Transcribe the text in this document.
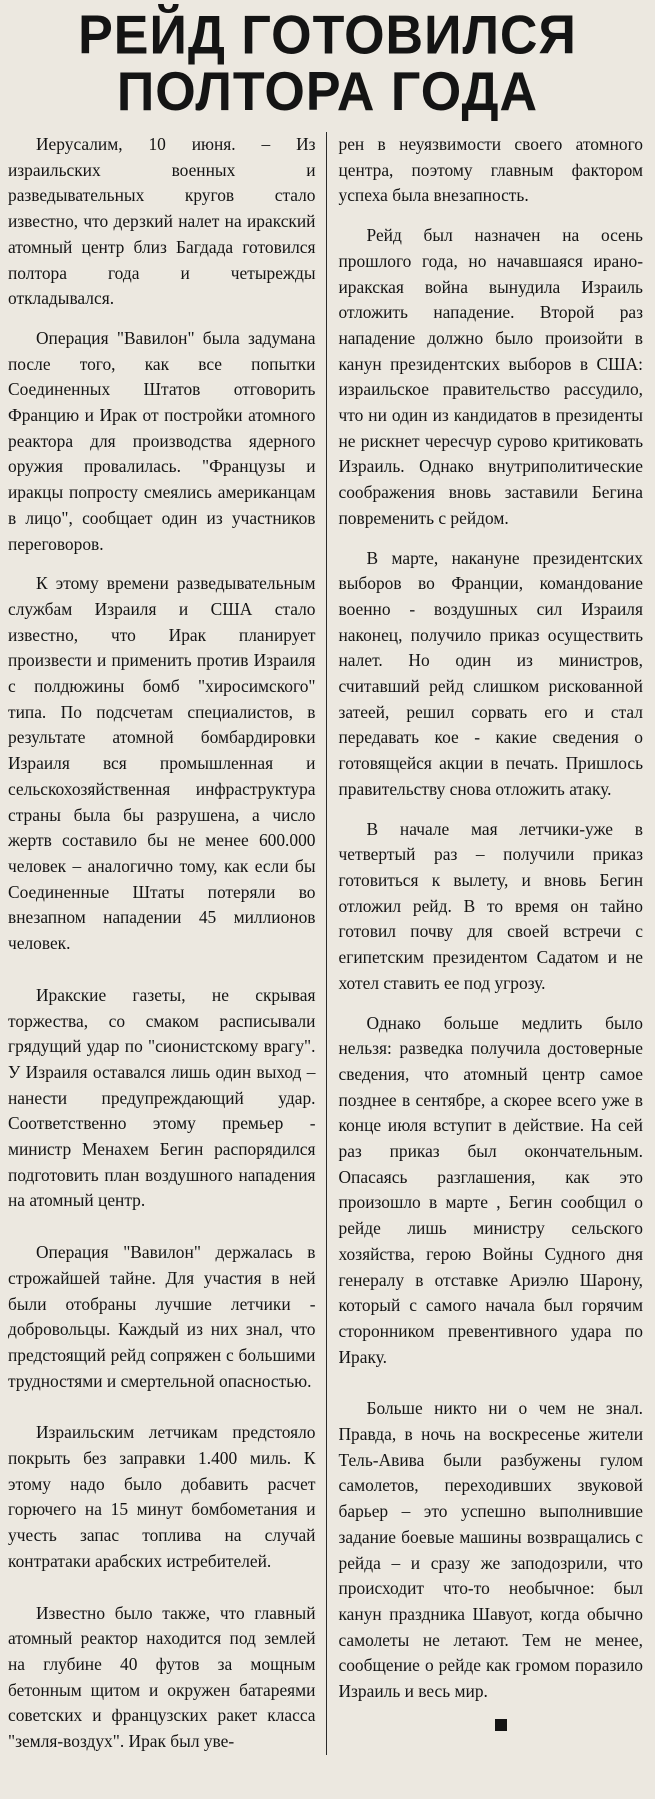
РЕЙД ГОТОВИЛСЯ
ПОЛТОРА ГОДА

Иерусалим, 10 июня. – Из израильских военных и разведывательных кругов стало известно, что дерзкий налет на иракский атомный центр близ Багдада готовился полтора года и четырежды откладывался.

Операция "Вавилон" была задумана после того, как все попытки Соединенных Штатов отговорить Францию и Ирак от постройки атомного реактора для производства ядерного оружия провалилась. "Французы и иракцы попросту смеялись американцам в лицо", сообщает один из участников переговоров.

К этому времени разведывательным службам Израиля и США стало известно, что Ирак планирует произвести и применить против Израиля с полдюжины бомб "хиросимского" типа. По подсчетам специалистов, в результате атомной бомбардировки Израиля вся промышленная и сельскохозяйственная инфраструктура страны была бы разрушена, а число жертв составило бы не менее 600.000 человек – аналогично тому, как если бы Соединенные Штаты потеряли во внезапном нападении 45 миллионов человек.

Иракские газеты, не скрывая торжества, со смаком расписывали грядущий удар по "сионистскому врагу". У Израиля оставался лишь один выход – нанести предупреждающий удар. Соответственно этому премьер - министр Менахем Бегин распорядился подготовить план воздушного нападения на атомный центр.

Операция "Вавилон" держалась в строжайшей тайне. Для участия в ней были отобраны лучшие летчики - добровольцы. Каждый из них знал, что предстоящий рейд сопряжен с большими трудностями и смертельной опасностью.

Израильским летчикам предстояло покрыть без заправки 1.400 миль. К этому надо было добавить расчет горючего на 15 минут бомбометания и учесть запас топлива на случай контратаки арабских истребителей.

Известно было также, что главный атомный реактор находится под землей на глубине 40 футов за мощным бетонным щитом и окружен батареями советских и французских ракет класса "земля-воздух". Ирак был уве-

рен в неуязвимости своего атомного центра, поэтому главным фактором успеха была внезапность.

Рейд был назначен на осень прошлого года, но начавшаяся ирано-иракская война вынудила Израиль отложить нападение. Второй раз нападение должно было произойти в канун президентских выборов в США: израильское правительство рассудило, что ни один из кандидатов в президенты не рискнет чересчур сурово критиковать Израиль. Однако внутриполитические соображения вновь заставили Бегина повременить с рейдом.

В марте, накануне президентских выборов во Франции, командование военно - воздушных сил Израиля наконец, получило приказ осуществить налет. Но один из министров, считавший рейд слишком рискованной затеей, решил сорвать его и стал передавать кое - какие сведения о готовящейся акции в печать. Пришлось правительству снова отложить атаку.

В начале мая летчики-уже в четвертый раз – получили приказ готовиться к вылету, и вновь Бегин отложил рейд. В то время он тайно готовил почву для своей встречи с египетским президентом Садатом и не хотел ставить ее под угрозу.

Однако больше медлить было нельзя: разведка получила достоверные сведения, что атомный центр самое позднее в сентябре, а скорее всего уже в конце июля вступит в действие. На сей раз приказ был окончательным. Опасаясь разглашения, как это произошло в марте , Бегин сообщил о рейде лишь министру сельского хозяйства, герою Войны Судного дня генералу в отставке Ариэлю Шарону, который с самого начала был горячим сторонником превентивного удара по Ираку.

Больше никто ни о чем не знал. Правда, в ночь на воскресенье жители Тель-Авива были разбужены гулом самолетов, переходивших звуковой барьер – это успешно выполнившие задание боевые машины возвращались с рейда – и сразу же заподозрили, что происходит что-то необычное: был канун праздника Шавуот, когда обычно самолеты не летают. Тем не менее, сообщение о рейде как громом поразило Израиль и весь мир.
